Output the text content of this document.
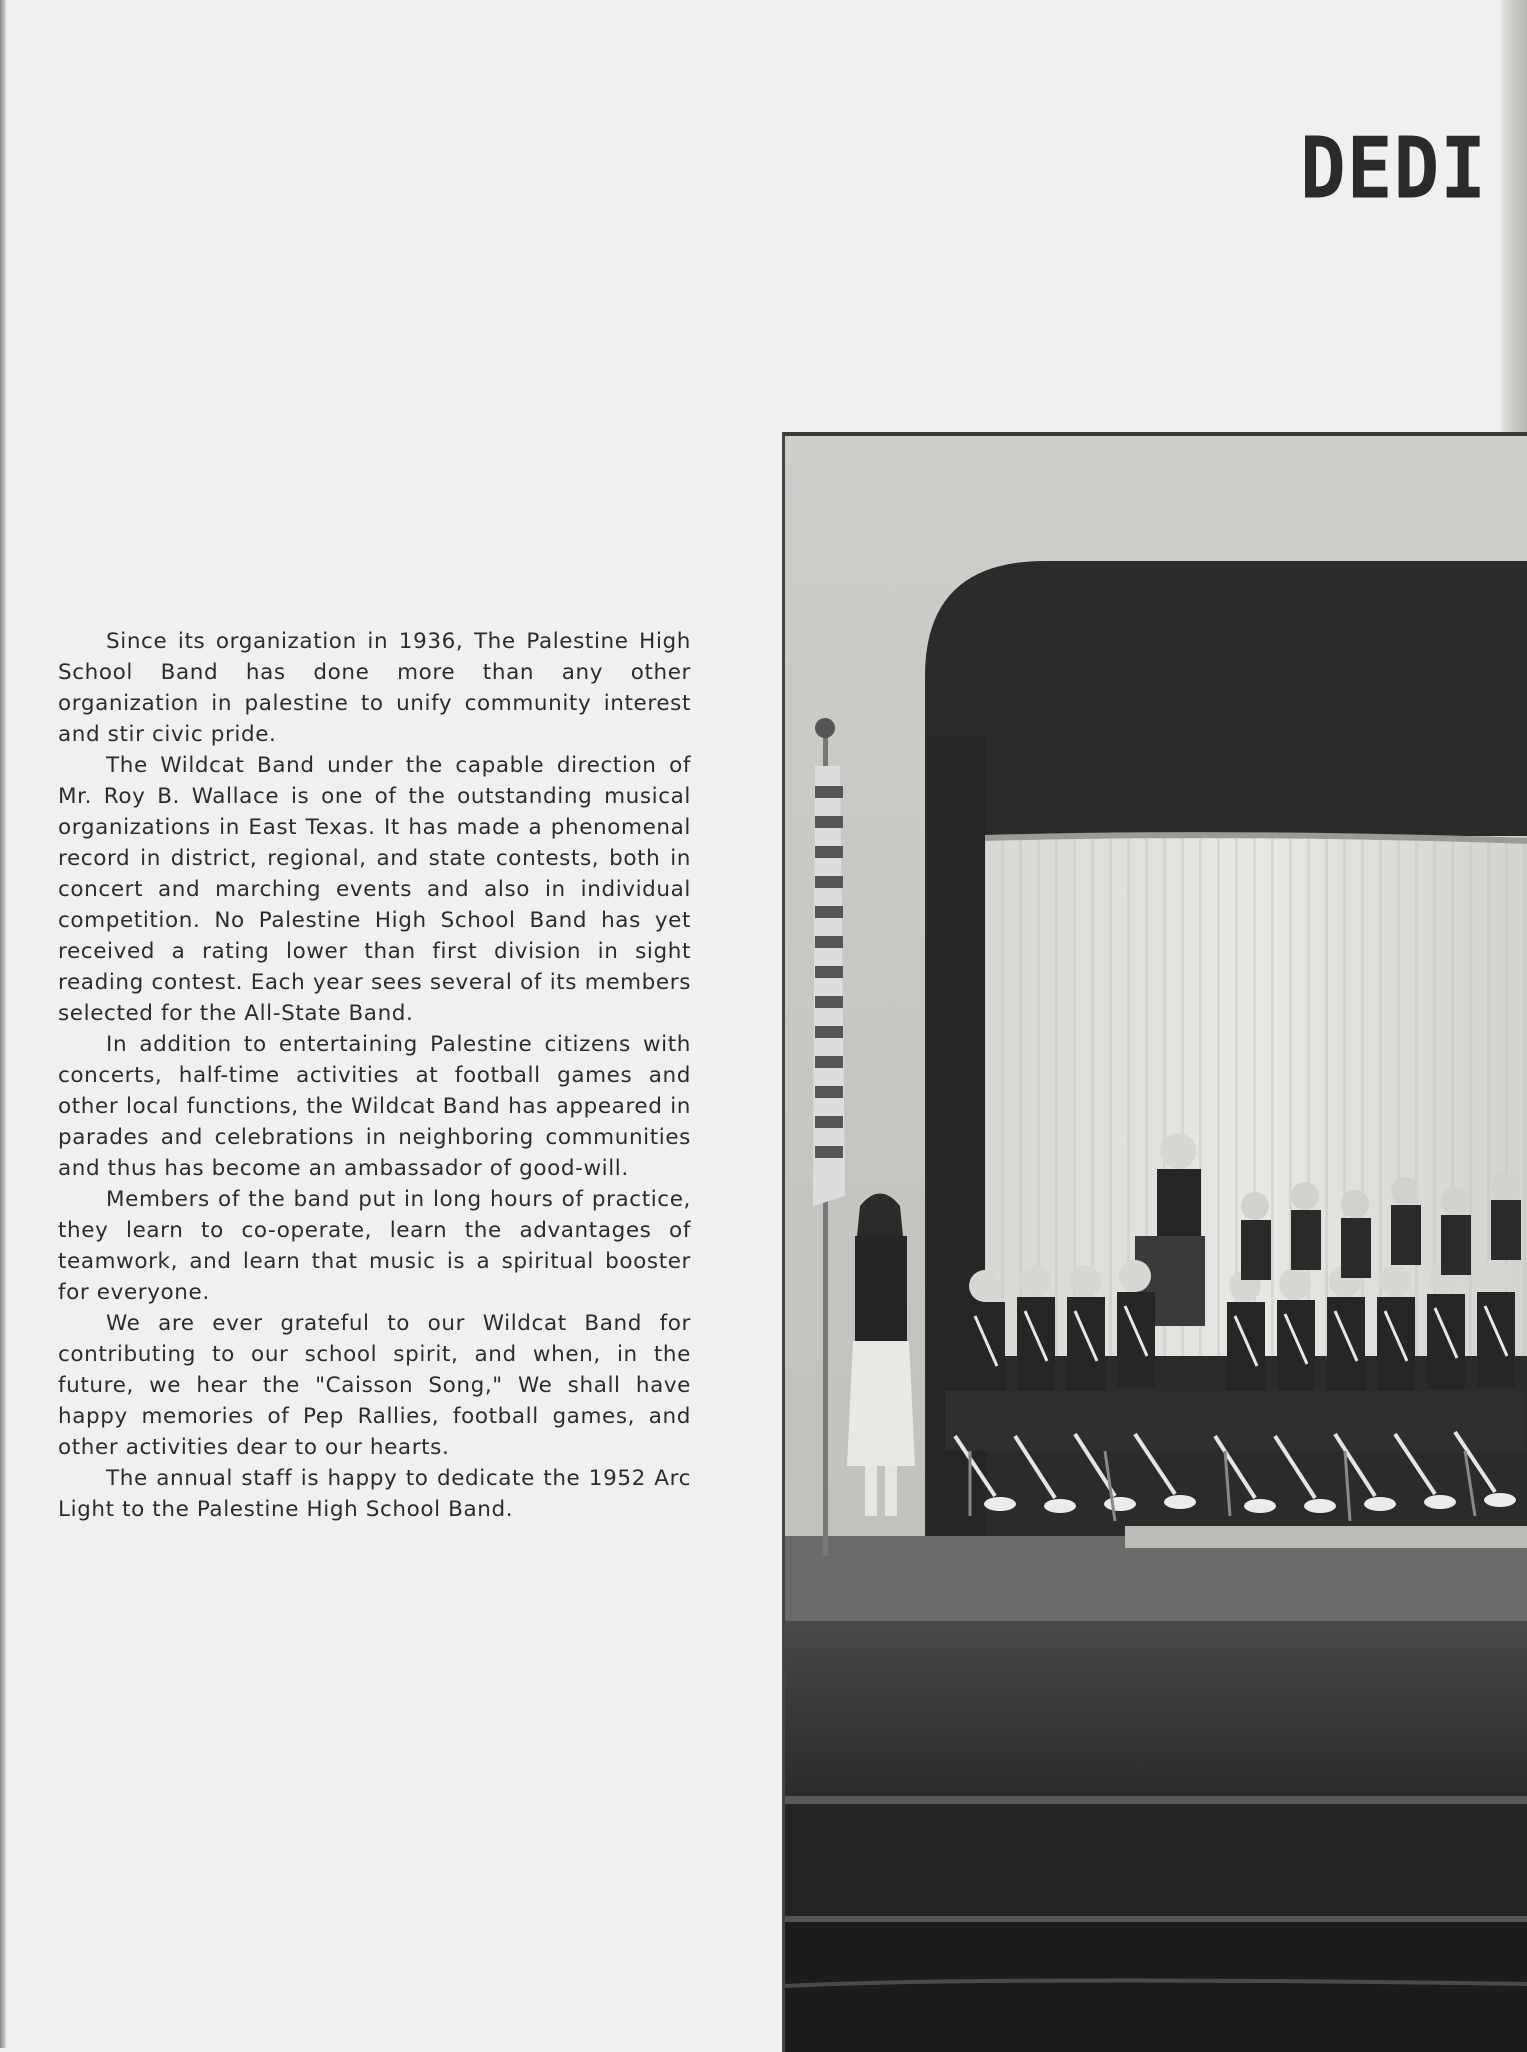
DEDI

Since its organization in 1936, The Palestine High School Band has done more than any other organization in palestine to unify community interest and stir civic pride.

The Wildcat Band under the capable direction of Mr. Roy B. Wallace is one of the outstanding musical organizations in East Texas. It has made a phenomenal record in district, regional, and state contests, both in concert and marching events and also in individual competition. No Palestine High School Band has yet received a rating lower than first division in sight reading contest. Each year sees several of its members selected for the All-State Band.

In addition to entertaining Palestine citizens with concerts, half-time activities at football games and other local functions, the Wildcat Band has appeared in parades and celebrations in neighboring communities and thus has become an ambassador of good-will.

Members of the band put in long hours of practice, they learn to co-operate, learn the advantages of teamwork, and learn that music is a spiritual booster for everyone.

We are ever grateful to our Wildcat Band for contributing to our school spirit, and when, in the future, we hear the "Caisson Song," We shall have happy memories of Pep Rallies, football games, and other activities dear to our hearts.

The annual staff is happy to dedicate the 1952 Arc Light to the Palestine High School Band.
